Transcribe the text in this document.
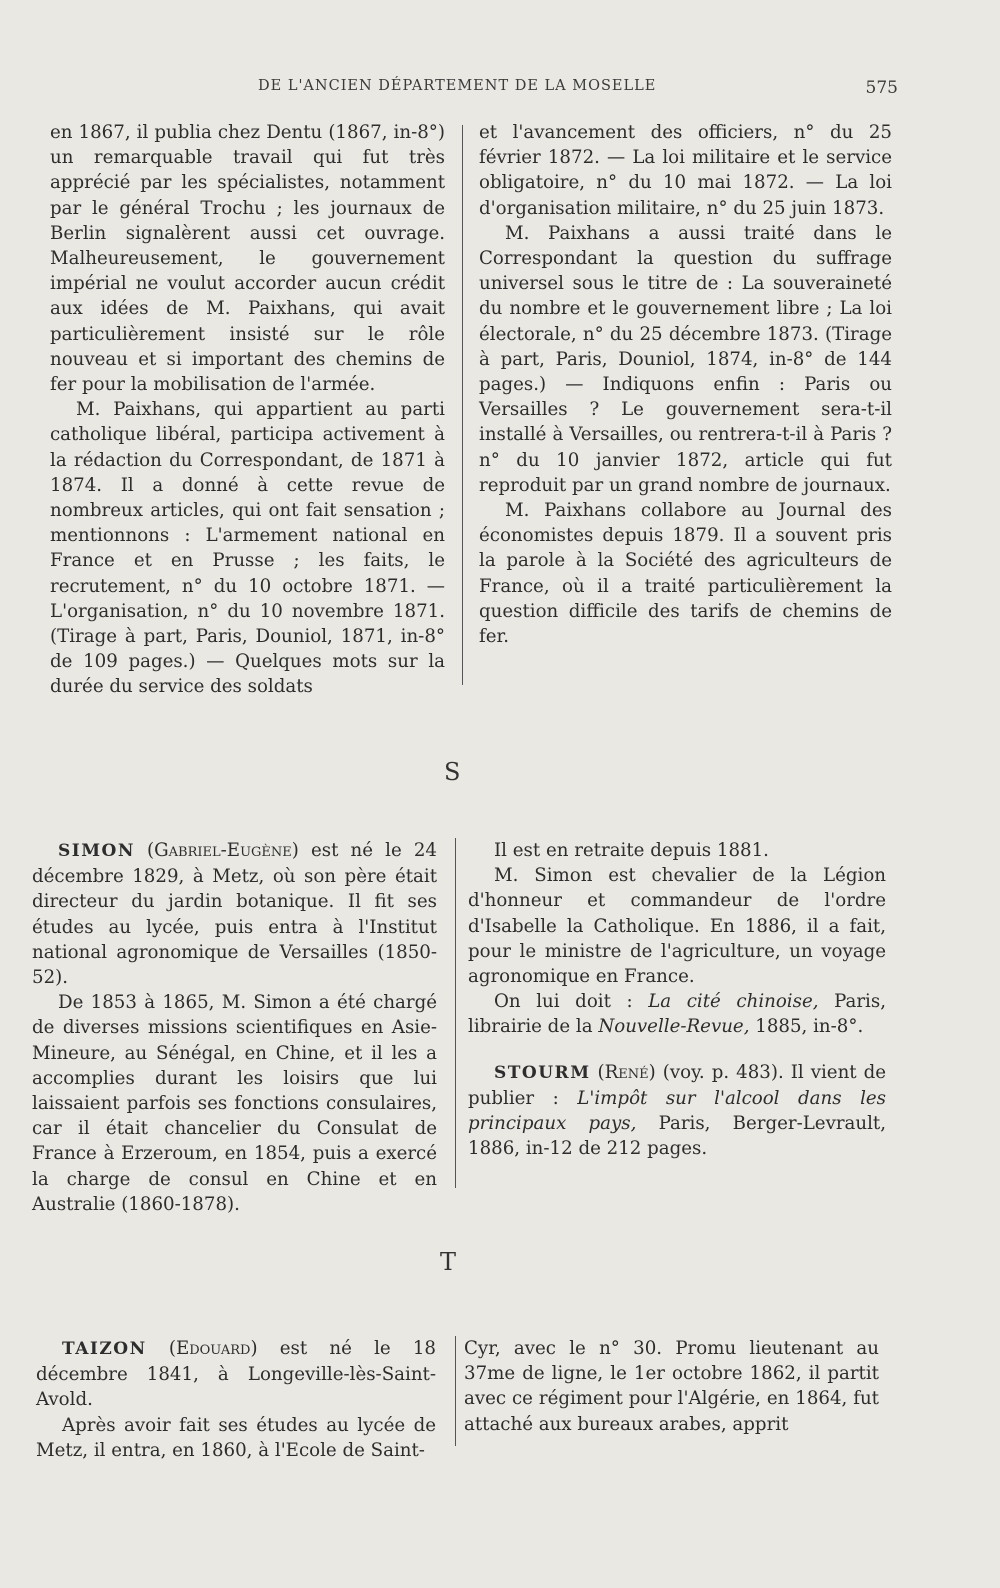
DE L'ANCIEN DÉPARTEMENT DE LA MOSELLE	575

en 1867, il publia chez Dentu (1867, in-8°) un remarquable travail qui fut très apprécié par les spécialistes, notamment par le général Trochu ; les journaux de Berlin signalèrent aussi cet ouvrage. Malheureusement, le gouvernement impérial ne voulut accorder aucun crédit aux idées de M. Paixhans, qui avait particulièrement insisté sur le rôle nouveau et si important des chemins de fer pour la mobilisation de l'armée.

M. Paixhans, qui appartient au parti catholique libéral, participa activement à la rédaction du Correspondant, de 1871 à 1874. Il a donné à cette revue de nombreux articles, qui ont fait sensation ; mentionnons : L'armement national en France et en Prusse ; les faits, le recrutement, n° du 10 octobre 1871. — L'organisation, n° du 10 novembre 1871. (Tirage à part, Paris, Douniol, 1871, in-8° de 109 pages.) — Quelques mots sur la durée du service des soldats

et l'avancement des officiers, n° du 25 février 1872. — La loi militaire et le service obligatoire, n° du 10 mai 1872. — La loi d'organisation militaire, n° du 25 juin 1873.

M. Paixhans a aussi traité dans le Correspondant la question du suffrage universel sous le titre de : La souveraineté du nombre et le gouvernement libre ; La loi électorale, n° du 25 décembre 1873. (Tirage à part, Paris, Douniol, 1874, in-8° de 144 pages.) — Indiquons enfin : Paris ou Versailles ? Le gouvernement sera-t-il installé à Versailles, ou rentrera-t-il à Paris ? n° du 10 janvier 1872, article qui fut reproduit par un grand nombre de journaux.

M. Paixhans collabore au Journal des économistes depuis 1879. Il a souvent pris la parole à la Société des agriculteurs de France, où il a traité particulièrement la question difficile des tarifs de chemins de fer.

S

SIMON (Gabriel-Eugène) est né le 24 décembre 1829, à Metz, où son père était directeur du jardin botanique. Il fit ses études au lycée, puis entra à l'Institut national agronomique de Versailles (1850-52).

De 1853 à 1865, M. Simon a été chargé de diverses missions scientifiques en Asie-Mineure, au Sénégal, en Chine, et il les a accomplies durant les loisirs que lui laissaient parfois ses fonctions consulaires, car il était chancelier du Consulat de France à Erzeroum, en 1854, puis a exercé la charge de consul en Chine et en Australie (1860-1878).

Il est en retraite depuis 1881.

M. Simon est chevalier de la Légion d'honneur et commandeur de l'ordre d'Isabelle la Catholique. En 1886, il a fait, pour le ministre de l'agriculture, un voyage agronomique en France.

On lui doit : La cité chinoise, Paris, librairie de la Nouvelle-Revue, 1885, in-8°.

STOURM (René) (voy. p. 483). Il vient de publier : L'impôt sur l'alcool dans les principaux pays, Paris, Berger-Levrault, 1886, in-12 de 212 pages.

T

TAIZON (Edouard) est né le 18 décembre 1841, à Longeville-lès-Saint-Avold.

Après avoir fait ses études au lycée de Metz, il entra, en 1860, à l'Ecole de Saint-

Cyr, avec le n° 30. Promu lieutenant au 37me de ligne, le 1er octobre 1862, il partit avec ce régiment pour l'Algérie, en 1864, fut attaché aux bureaux arabes, apprit
